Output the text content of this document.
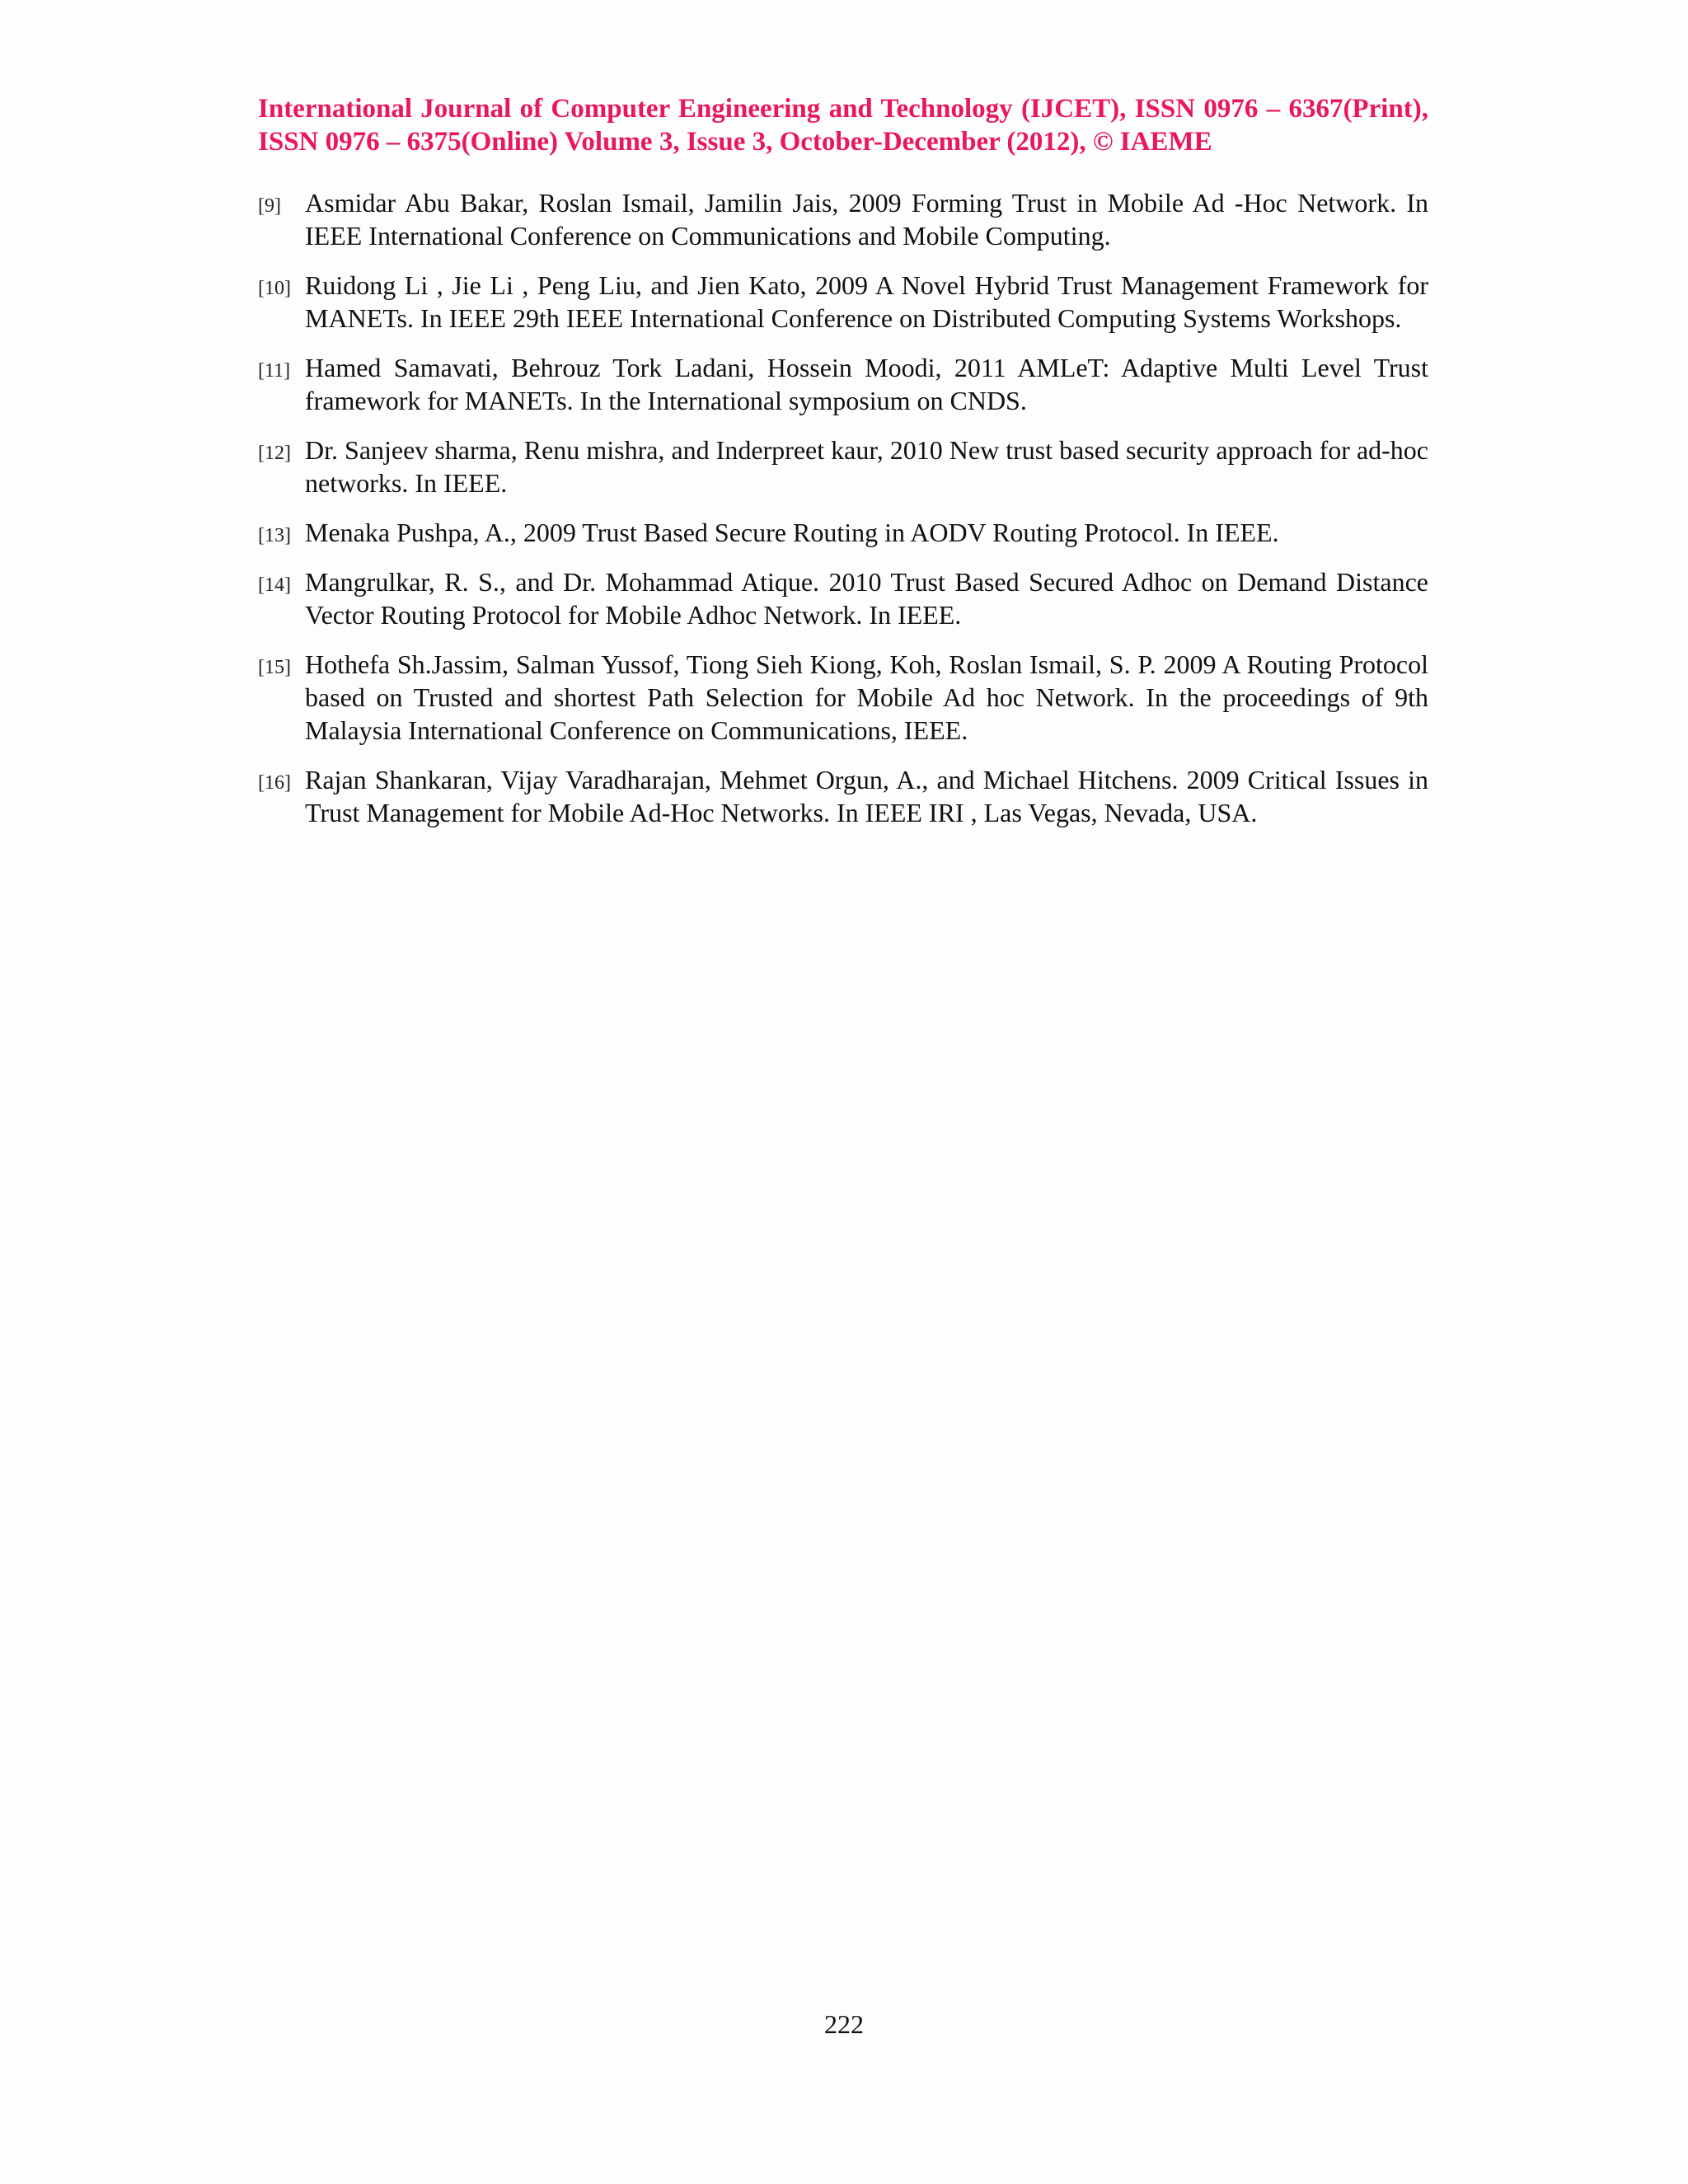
International Journal of Computer Engineering and Technology (IJCET), ISSN 0976 – 6367(Print), ISSN 0976 – 6375(Online) Volume 3, Issue 3, October-December (2012), © IAEME
[9] Asmidar Abu Bakar, Roslan Ismail, Jamilin Jais, 2009 Forming Trust in Mobile Ad -Hoc Network. In IEEE International Conference on Communications and Mobile Computing.
[10] Ruidong Li , Jie Li , Peng Liu, and Jien Kato, 2009 A Novel Hybrid Trust Management Framework for MANETs. In IEEE 29th IEEE International Conference on Distributed Computing Systems Workshops.
[11] Hamed Samavati, Behrouz Tork Ladani, Hossein Moodi, 2011 AMLeT: Adaptive Multi Level Trust framework for MANETs. In the International symposium on CNDS.
[12] Dr. Sanjeev sharma, Renu mishra, and Inderpreet kaur, 2010 New trust based security approach for ad-hoc networks. In IEEE.
[13] Menaka Pushpa, A., 2009 Trust Based Secure Routing in AODV Routing Protocol. In IEEE.
[14] Mangrulkar, R. S., and Dr. Mohammad Atique. 2010 Trust Based Secured Adhoc on Demand Distance Vector Routing Protocol for Mobile Adhoc Network. In IEEE.
[15] Hothefa Sh.Jassim, Salman Yussof, Tiong Sieh Kiong, Koh, Roslan Ismail, S. P. 2009 A Routing Protocol based on Trusted and shortest Path Selection for Mobile Ad hoc Network. In the proceedings of 9th Malaysia International Conference on Communications, IEEE.
[16] Rajan Shankaran, Vijay Varadharajan, Mehmet Orgun, A., and Michael Hitchens. 2009 Critical Issues in Trust Management for Mobile Ad-Hoc Networks. In IEEE IRI , Las Vegas, Nevada, USA.
222
